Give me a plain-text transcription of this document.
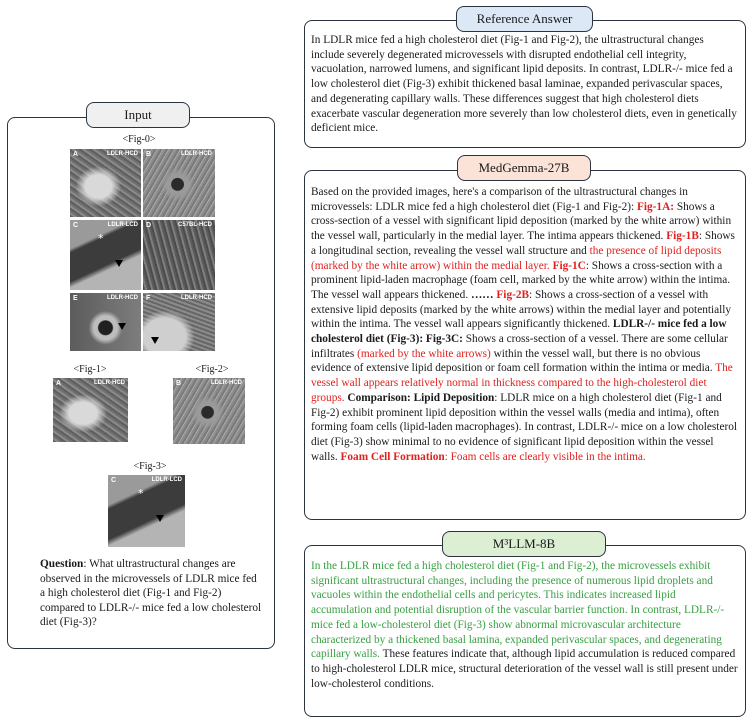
Input
<Fig-0>
A	LDLR-HCD B	LDLR-HCD
C	LDLR-LCD
*
D	C57BL-HCD
E	LDLR-HCD F	LDLR-HCD
<Fig-1>	<Fig-2>
A	LDLR-HCD	B	LDLR-HCD
<Fig-3>
C	LDLR-LCD
*
Question: What ultrastructural changes are observed in the microvessels of LDLR mice fed a high cholesterol diet (Fig-1 and Fig-2) compared to LDLR-/- mice fed a low cholesterol diet (Fig-3)?
In LDLR mice fed a high cholesterol diet (Fig-1 and Fig-2), the ultrastructural changes include severely degenerated microvessels with disrupted endothelial cell integrity, vacuolation, narrowed lumens, and significant lipid deposits. In contrast, LDLR-/- mice fed a low cholesterol diet (Fig-3) exhibit thickened basal laminae, expanded perivascular spaces, and degenerating capillary walls. These differences suggest that high cholesterol diets exacerbate vascular degeneration more severely than low cholesterol diets, even in genetically deficient mice.
Reference Answer
Based on the provided images, here's a comparison of the ultrastructural changes in microvessels: LDLR mice fed a high cholesterol diet (Fig-1 and Fig-2): Fig-1A: Shows a cross-section of a vessel with significant lipid deposition (marked by the white arrow) within the vessel wall, particularly in the medial layer. The intima appears thickened. Fig-1B: Shows a longitudinal section, revealing the vessel wall structure and the presence of lipid deposits (marked by the white arrow) within the medial layer. Fig-1C: Shows a cross-section with a prominent lipid-laden macrophage (foam cell, marked by the white arrow) within the intima. The vessel wall appears thickened. …… Fig-2B: Shows a cross-section of a vessel with extensive lipid deposits (marked by the white arrows) within the medial layer and potentially within the intima. The vessel wall appears significantly thickened. LDLR-/- mice fed a low cholesterol diet (Fig-3): Fig-3C: Shows a cross-section of a vessel. There are some cellular infiltrates (marked by the white arrows) within the vessel wall, but there is no obvious evidence of extensive lipid deposition or foam cell formation within the intima or media. The vessel wall appears relatively normal in thickness compared to the high-cholesterol diet groups. Comparison: Lipid Deposition: LDLR mice on a high cholesterol diet (Fig-1 and Fig-2) exhibit prominent lipid deposition within the vessel walls (media and intima), often forming foam cells (lipid-laden macrophages). In contrast, LDLR-/- mice on a low cholesterol diet (Fig-3) show minimal to no evidence of significant lipid deposition within the vessel walls. Foam Cell Formation: Foam cells are clearly visible in the intima.
MedGemma-27B
In the LDLR mice fed a high cholesterol diet (Fig-1 and Fig-2), the microvessels exhibit significant ultrastructural changes, including the presence of numerous lipid droplets and vacuoles within the endothelial cells and pericytes. This indicates increased lipid accumulation and potential disruption of the vascular barrier function. In contrast, LDLR-/- mice fed a low-cholesterol diet (Fig-3) show abnormal microvascular architecture characterized by a thickened basal lamina, expanded perivascular spaces, and degenerating capillary walls. These features indicate that, although lipid accumulation is reduced compared to high-cholesterol LDLR mice, structural deterioration of the vessel wall is still present under low-cholesterol conditions.
M³LLM-8B
